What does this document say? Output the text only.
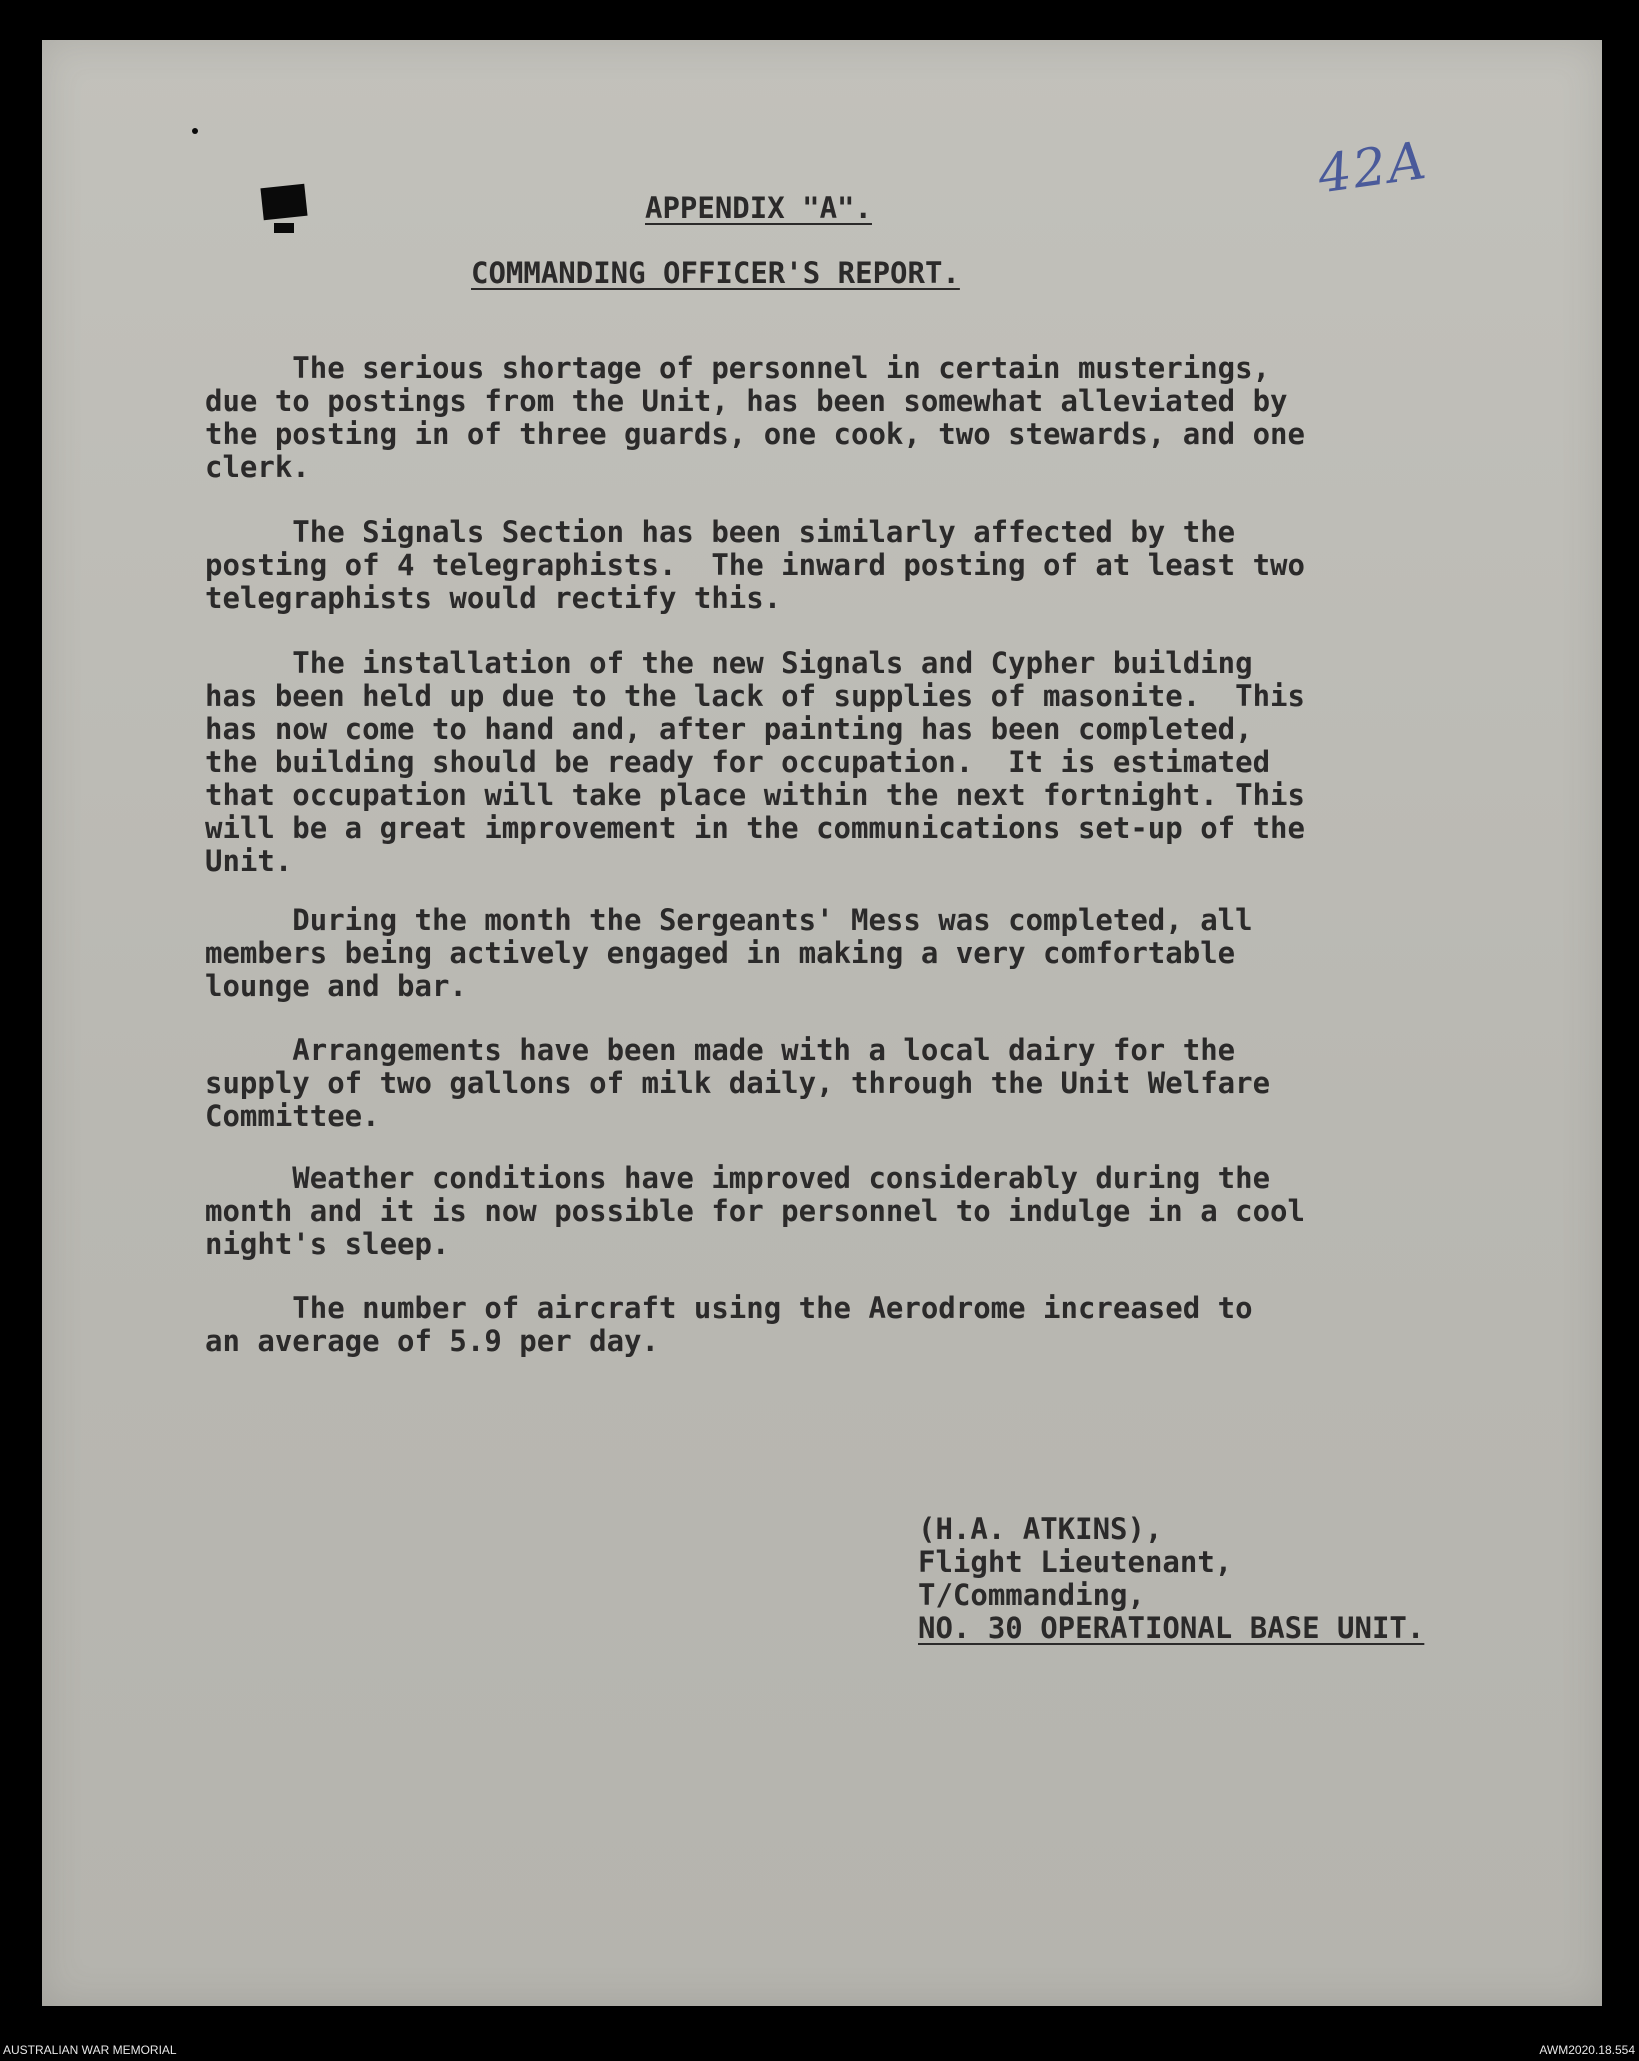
42A
APPENDIX "A".
COMMANDING OFFICER'S REPORT.
The serious shortage of personnel in certain musterings,
due to postings from the Unit, has been somewhat alleviated by
the posting in of three guards, one cook, two stewards, and one
clerk.
The Signals Section has been similarly affected by the
posting of 4 telegraphists.  The inward posting of at least two
telegraphists would rectify this.
The installation of the new Signals and Cypher building
has been held up due to the lack of supplies of masonite.  This
has now come to hand and, after painting has been completed,
the building should be ready for occupation.  It is estimated
that occupation will take place within the next fortnight. This
will be a great improvement in the communications set-up of the
Unit.
During the month the Sergeants' Mess was completed, all
members being actively engaged in making a very comfortable
lounge and bar.
Arrangements have been made with a local dairy for the
supply of two gallons of milk daily, through the Unit Welfare
Committee.
Weather conditions have improved considerably during the
month and it is now possible for personnel to indulge in a cool
night's sleep.
The number of aircraft using the Aerodrome increased to
an average of 5.9 per day.
(H.A. ATKINS),
Flight Lieutenant,
T/Commanding,
NO. 30 OPERATIONAL BASE UNIT.
AUSTRALIAN WAR MEMORIAL	AWM2020.18.554
